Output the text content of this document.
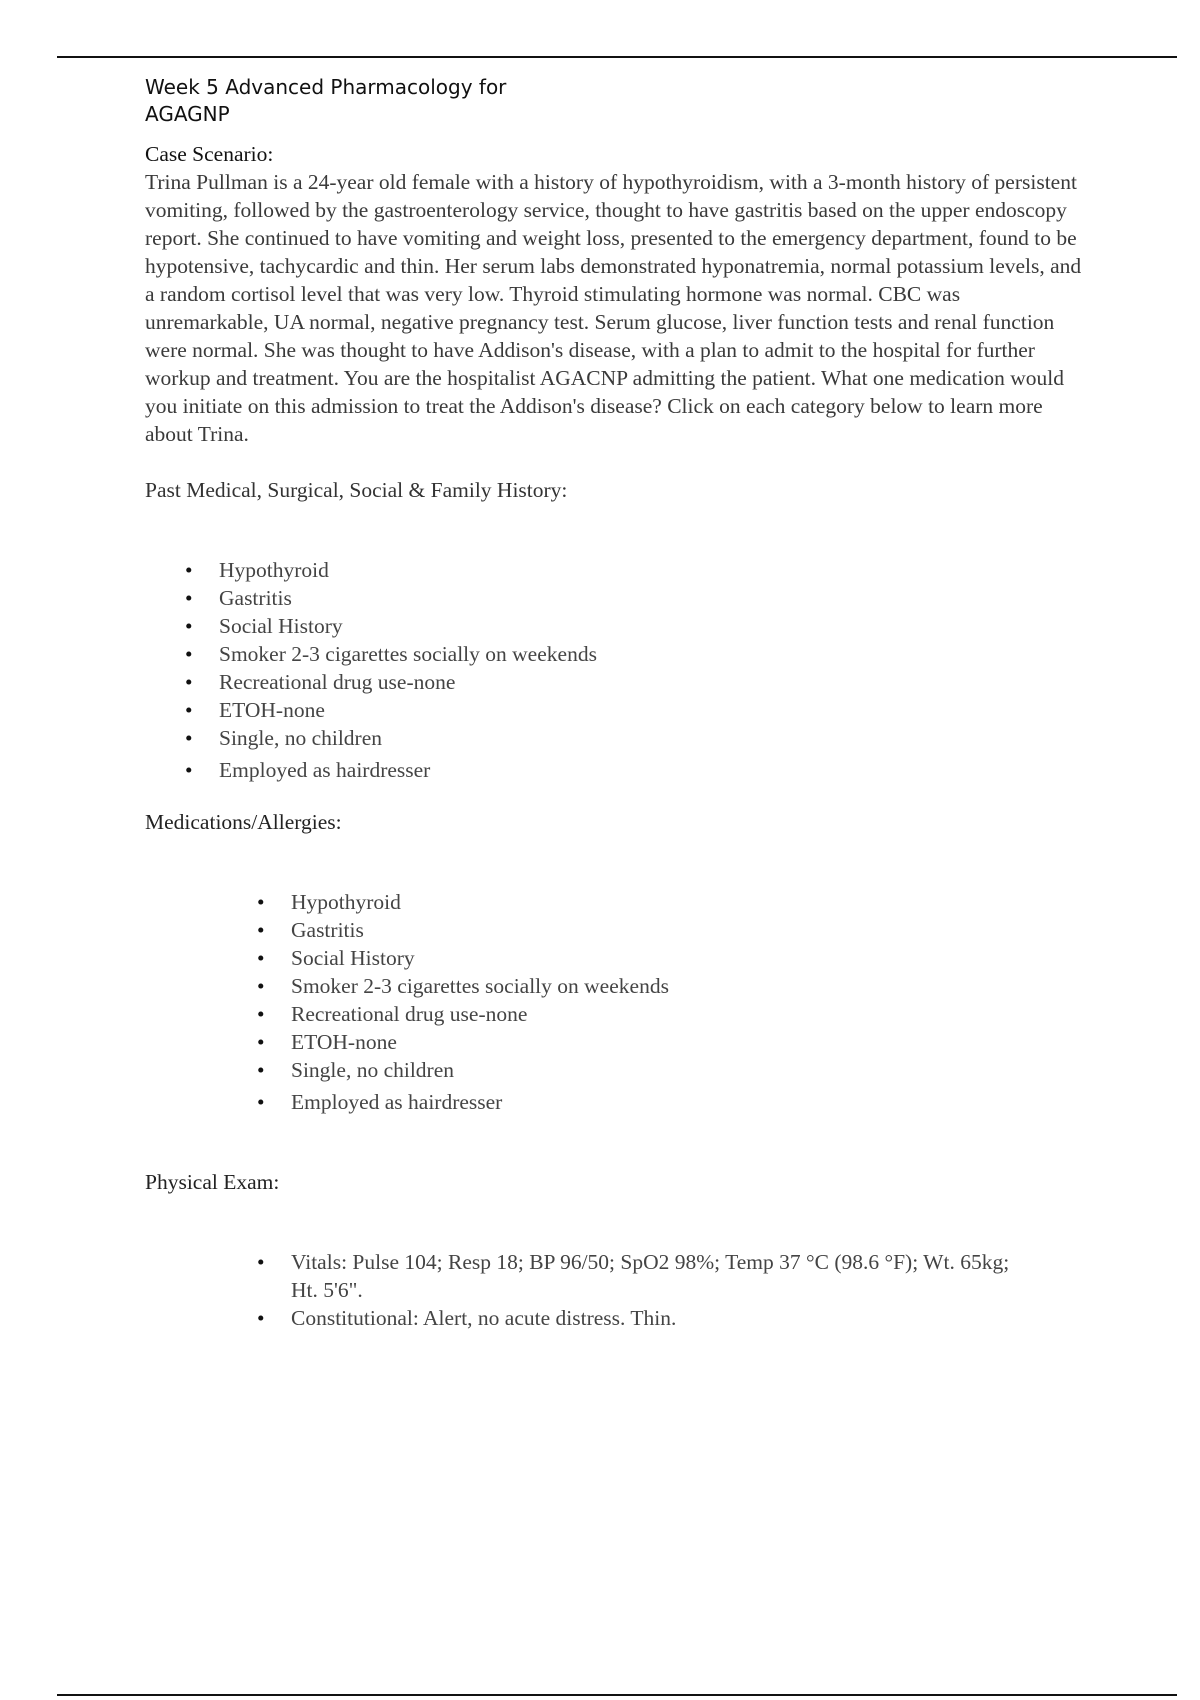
Week 5 Advanced Pharmacology for AGAGNP

Case Scenario:

Trina Pullman is a 24-year old female with a history of hypothyroidism, with a 3-month history of persistent vomiting, followed by the gastroenterology service, thought to have gastritis based on the upper endoscopy report. She continued to have vomiting and weight loss, presented to the emergency department, found to be hypotensive, tachycardic and thin. Her serum labs demonstrated hyponatremia, normal potassium levels, and a random cortisol level that was very low. Thyroid stimulating hormone was normal. CBC was unremarkable, UA normal, negative pregnancy test. Serum glucose, liver function tests and renal function were normal. She was thought to have Addison's disease, with a plan to admit to the hospital for further workup and treatment. You are the hospitalist AGACNP admitting the patient. What one medication would you initiate on this admission to treat the Addison's disease? Click on each category below to learn more about Trina.

Past Medical, Surgical, Social & Family History:

• Hypothyroid
• Gastritis
• Social History
• Smoker 2-3 cigarettes socially on weekends
• Recreational drug use-none
• ETOH-none
• Single, no children
• Employed as hairdresser

Medications/Allergies:

• Hypothyroid
• Gastritis
• Social History
• Smoker 2-3 cigarettes socially on weekends
• Recreational drug use-none
• ETOH-none
• Single, no children
• Employed as hairdresser

Physical Exam:

• Vitals: Pulse 104; Resp 18; BP 96/50; SpO2 98%; Temp 37 °C (98.6 °F); Wt. 65kg; Ht. 5'6".
• Constitutional: Alert, no acute distress. Thin.
